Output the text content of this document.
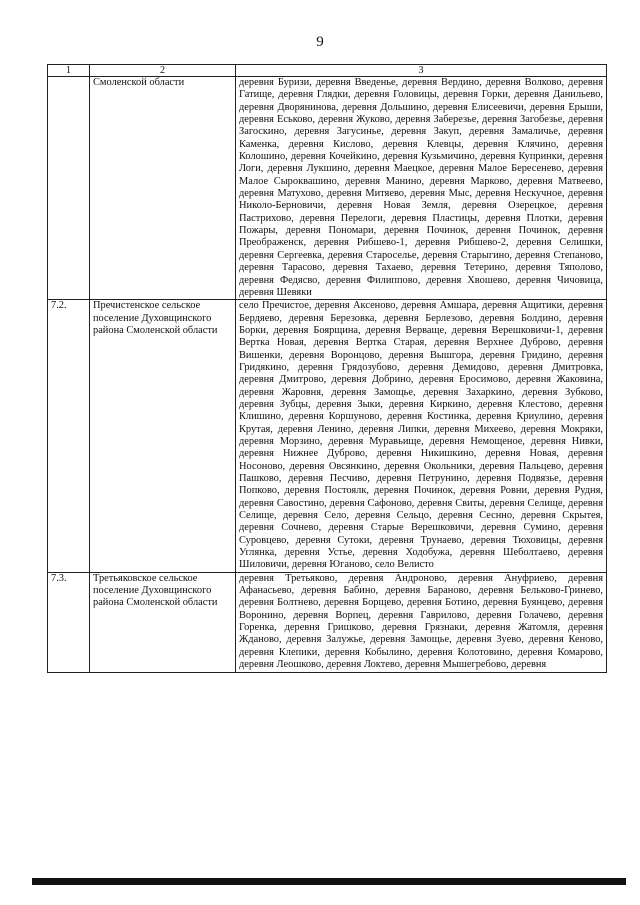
9
1	2	3
	Смоленской области	деревня Буризи, деревня Введенье, деревня Вердино, деревня Волково, деревня Гатище, деревня Глядки, деревня Головицы, деревня Горки, деревня Данильево, деревня Дворянинова, деревня Дольшино, деревня Елисеевичи, деревня Ерыши, деревня Еськово, деревня Жуково, деревня Заберезье, деревня Загобезье, деревня Загоскино, деревня Загусинье, деревня Закуп, деревня Замаличье, деревня Каменка, деревня Кислово, деревня Клевцы, деревня Клячино, деревня Колошино, деревня Кочейкино, деревня Кузьмичино, деревня Купринки, деревня Логи, деревня Лукшино, деревня Маецкое, деревня Малое Бересенево, деревня Малое Сыроквашино, деревня Манино, деревня Марково, деревня Матвеево, деревня Матухово, деревня Митяево, деревня Мыс, деревня Нескучное, деревня Николо-Берновичи, деревня Новая Земля, деревня Озерецкое, деревня Пастрихово, деревня Перелоги, деревня Пластицы, деревня Плотки, деревня Пожары, деревня Пономари, деревня Починок, деревня Починок, деревня Преображенск, деревня Рибшево-1, деревня Рибшево-2, деревня Селишки, деревня Сергеевка, деревня Староселье, деревня Старыгино, деревня Степаново, деревня Тарасово, деревня Тахаево, деревня Тетерино, деревня Тяполово, деревня Федясво, деревня Филиппово, деревня Хвошево, деревня Чичовица, деревня Шевяки
7.2.	Пречистенское сельское поселение Духовщинского района Смоленской области	село Пречистое, деревня Аксеново, деревня Амшара, деревня Ащитики, деревня Бердяево, деревня Березовка, деревня Берлезово, деревня Болдино, деревня Борки, деревня Боярщина, деревня Верваще, деревня Верешковичи-1, деревня Вертка Новая, деревня Вертка Старая, деревня Верхнее Дуброво, деревня Вишенки, деревня Воронцово, деревня Вышгора, деревня Гридино, деревня Гридякино, деревня Грядозубово, деревня Демидово, деревня Дмитровка, деревня Дмитрово, деревня Добрино, деревня Еросимово, деревня Жаковина, деревня Жаровня, деревня Замощье, деревня Захаркино, деревня Зубково, деревня Зубцы, деревня Зыки, деревня Киркино, деревня Клестово, деревня Клишино, деревня Коршуново, деревня Костинка, деревня Криулино, деревня Крутая, деревня Ленино, деревня Липки, деревня Михеево, деревня Мокряки, деревня Морзино, деревня Муравьище, деревня Немощеное, деревня Нивки, деревня Нижнее Дуброво, деревня Никишкино, деревня Новая, деревня Носоново, деревня Овсянкино, деревня Окольники, деревня Пальцево, деревня Пашково, деревня Песчиво, деревня Петрунино, деревня Подвязье, деревня Попково, деревня Постоялк, деревня Починок, деревня Ровни, деревня Рудня, деревня Савостино, деревня Сафоново, деревня Свиты, деревня Селище, деревня Селище, деревня Село, деревня Сельцо, деревня Сеснно, деревня Скрытея, деревня Сочнево, деревня Старые Верешковичи, деревня Сумино, деревня Суровцево, деревня Сутоки, деревня Трунаево, деревня Тюховицы, деревня Углянка, деревня Устье, деревня Ходобужа, деревня Шеболтаево, деревня Шиловичи, деревня Юганово, село Велисто
7.3.	Третьяковское сельское поселение Духовщинского района Смоленской области	деревня Третьяково, деревня Андроново, деревня Ануфриево, деревня Афанасьево, деревня Бабино, деревня Бараново, деревня Бельково-Гринево, деревня Болтнево, деревня Борщево, деревня Ботино, деревня Буянцево, деревня Воронино, деревня Ворпец, деревня Гаврилово, деревня Голачево, деревня Горенка, деревня Гришково, деревня Грязнаки, деревня Жатомля, деревня Жданово, деревня Залужье, деревня Замощье, деревня Зуево, деревня Кеново, деревня Клепики, деревня Кобылино, деревня Колотовино, деревня Комарово, деревня Леошково, деревня Локтево, деревня Мышегребово, деревня
